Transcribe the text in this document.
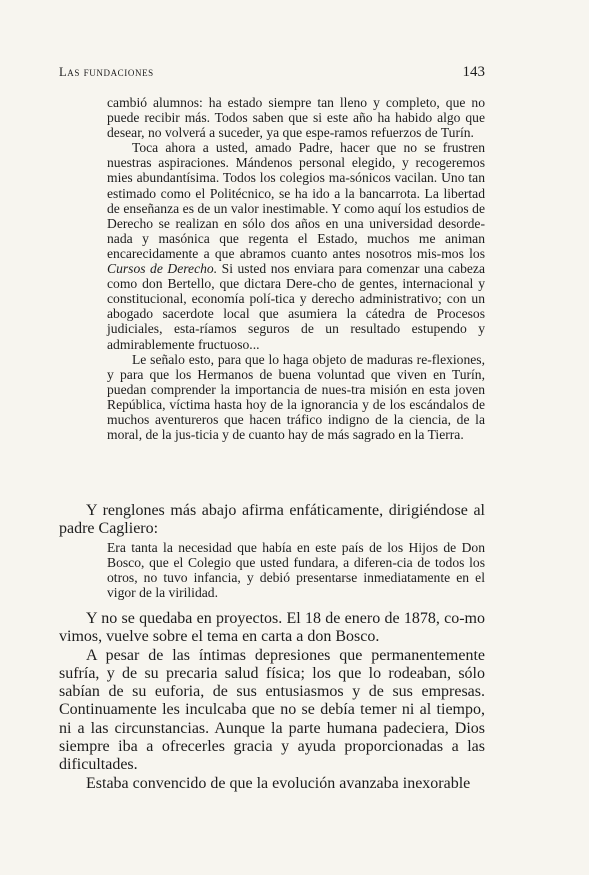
Las fundaciones	143

cambió alumnos: ha estado siempre tan lleno y completo, que no puede recibir más. Todos saben que si este año ha habido algo que desear, no volverá a suceder, ya que espe-ramos refuerzos de Turín.

Toca ahora a usted, amado Padre, hacer que no se frustren nuestras aspiraciones. Mándenos personal elegido, y recogeremos mies abundantísima. Todos los colegios ma-sónicos vacilan. Uno tan estimado como el Politécnico, se ha ido a la bancarrota. La libertad de enseñanza es de un valor inestimable. Y como aquí los estudios de Derecho se realizan en sólo dos años en una universidad desorde-nada y masónica que regenta el Estado, muchos me animan encarecidamente a que abramos cuanto antes nosotros mis-mos los Cursos de Derecho. Si usted nos enviara para comenzar una cabeza como don Bertello, que dictara Dere-cho de gentes, internacional y constitucional, economía polí-tica y derecho administrativo; con un abogado sacerdote local que asumiera la cátedra de Procesos judiciales, esta-ríamos seguros de un resultado estupendo y admirablemente fructuoso...

Le señalo esto, para que lo haga objeto de maduras re-flexiones, y para que los Hermanos de buena voluntad que viven en Turín, puedan comprender la importancia de nues-tra misión en esta joven República, víctima hasta hoy de la ignorancia y de los escándalos de muchos aventureros que hacen tráfico indigno de la ciencia, de la moral, de la jus-ticia y de cuanto hay de más sagrado en la Tierra.

Y renglones más abajo afirma enfáticamente, dirigiéndose al padre Cagliero:

Era tanta la necesidad que había en este país de los Hijos de Don Bosco, que el Colegio que usted fundara, a diferen-cia de todos los otros, no tuvo infancia, y debió presentarse inmediatamente en el vigor de la virilidad.

Y no se quedaba en proyectos. El 18 de enero de 1878, co-mo vimos, vuelve sobre el tema en carta a don Bosco.

A pesar de las íntimas depresiones que permanentemente sufría, y de su precaria salud física; los que lo rodeaban, sólo sabían de su euforia, de sus entusiasmos y de sus empresas. Continuamente les inculcaba que no se debía temer ni al tiempo, ni a las circunstancias. Aunque la parte humana padeciera, Dios siempre iba a ofrecerles gracia y ayuda proporcionadas a las dificultades.

Estaba convencido de que la evolución avanzaba inexorable
